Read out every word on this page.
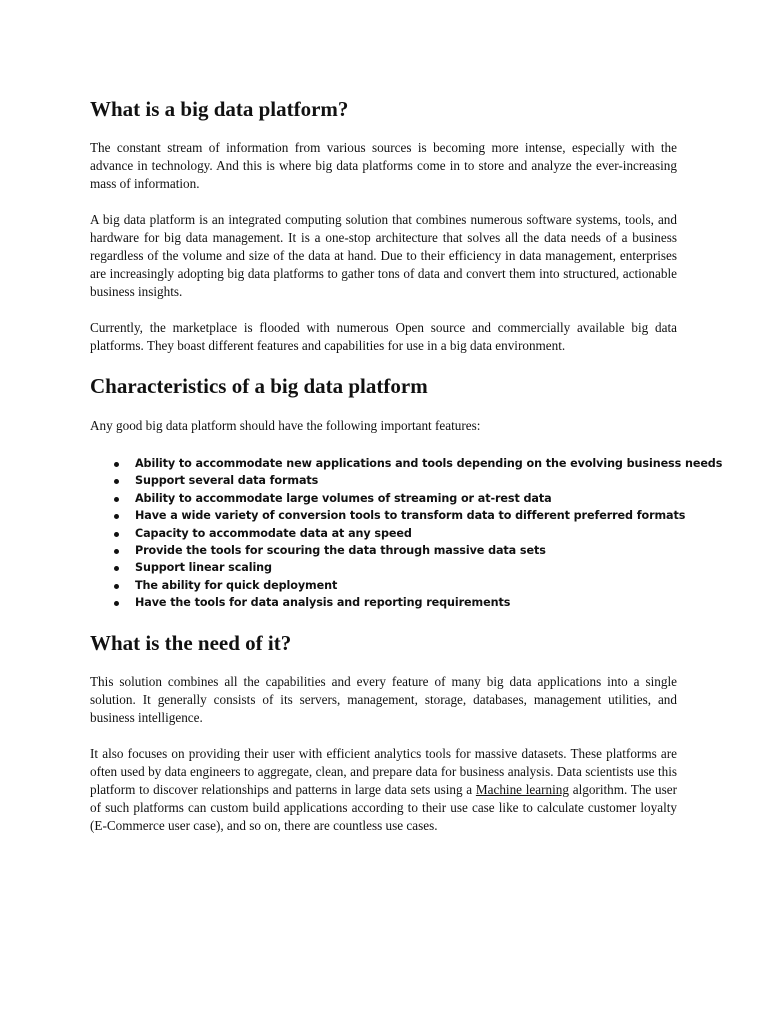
What is a big data platform?

The constant stream of information from various sources is becoming more intense, especially with the advance in technology. And this is where big data platforms come in to store and analyze the ever-increasing mass of information.

A big data platform is an integrated computing solution that combines numerous software systems, tools, and hardware for big data management. It is a one-stop architecture that solves all the data needs of a business regardless of the volume and size of the data at hand. Due to their efficiency in data management, enterprises are increasingly adopting big data platforms to gather tons of data and convert them into structured, actionable business insights.

Currently, the marketplace is flooded with numerous Open source and commercially available big data platforms. They boast different features and capabilities for use in a big data environment.

Characteristics of a big data platform

Any good big data platform should have the following important features:

Ability to accommodate new applications and tools depending on the evolving business needs
Support several data formats
Ability to accommodate large volumes of streaming or at-rest data
Have a wide variety of conversion tools to transform data to different preferred formats
Capacity to accommodate data at any speed
Provide the tools for scouring the data through massive data sets
Support linear scaling
The ability for quick deployment
Have the tools for data analysis and reporting requirements
What is the need of it?

This solution combines all the capabilities and every feature of many big data applications into a single solution. It generally consists of its servers, management, storage, databases, management utilities, and business intelligence.

It also focuses on providing their user with efficient analytics tools for massive datasets. These platforms are often used by data engineers to aggregate, clean, and prepare data for business analysis. Data scientists use this platform to discover relationships and patterns in large data sets using a Machine learning algorithm. The user of such platforms can custom build applications according to their use case like to calculate customer loyalty (E-Commerce user case), and so on, there are countless use cases.
